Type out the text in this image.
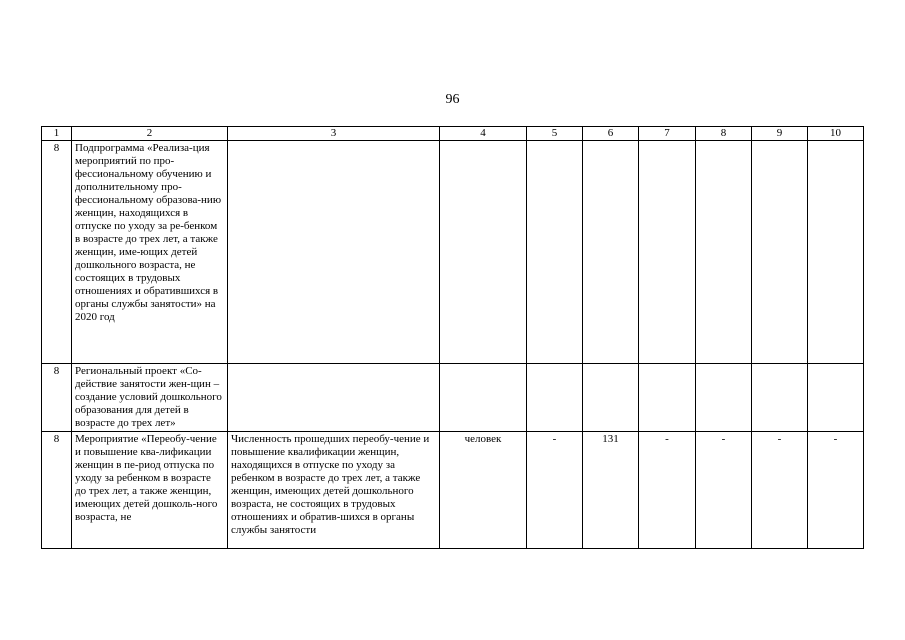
96
1	2	3	4	5	6	7	8	9	10
8	Подпрограмма «Реализа-ция мероприятий по про-фессиональному обучению и дополнительному про-фессиональному образова-нию женщин, находящихся в отпуске по уходу за ре-бенком в возрасте до трех лет, а также женщин, име-ющих детей дошкольного возраста, не состоящих в трудовых отношениях и обратившихся в органы службы занятости» на 2020 год								
8	Региональный проект «Со-действие занятости жен-щин – создание условий дошкольного образования для детей в возрасте до трех лет»								
8	Мероприятие «Переобу-чение и повышение ква-лификации женщин в пе-риод отпуска по уходу за ребенком в возрасте до трех лет, а также женщин, имеющих детей дошколь-ного возраста, не	Численность прошедших переобу-чение и повышение квалификации женщин, находящихся в отпуске по уходу за ребенком в возрасте до трех лет, а также женщин, имеющих детей дошкольного возраста, не состоящих в трудовых отношениях и обратив-шихся в органы службы занятости	человек	-	131	-	-	-	-
